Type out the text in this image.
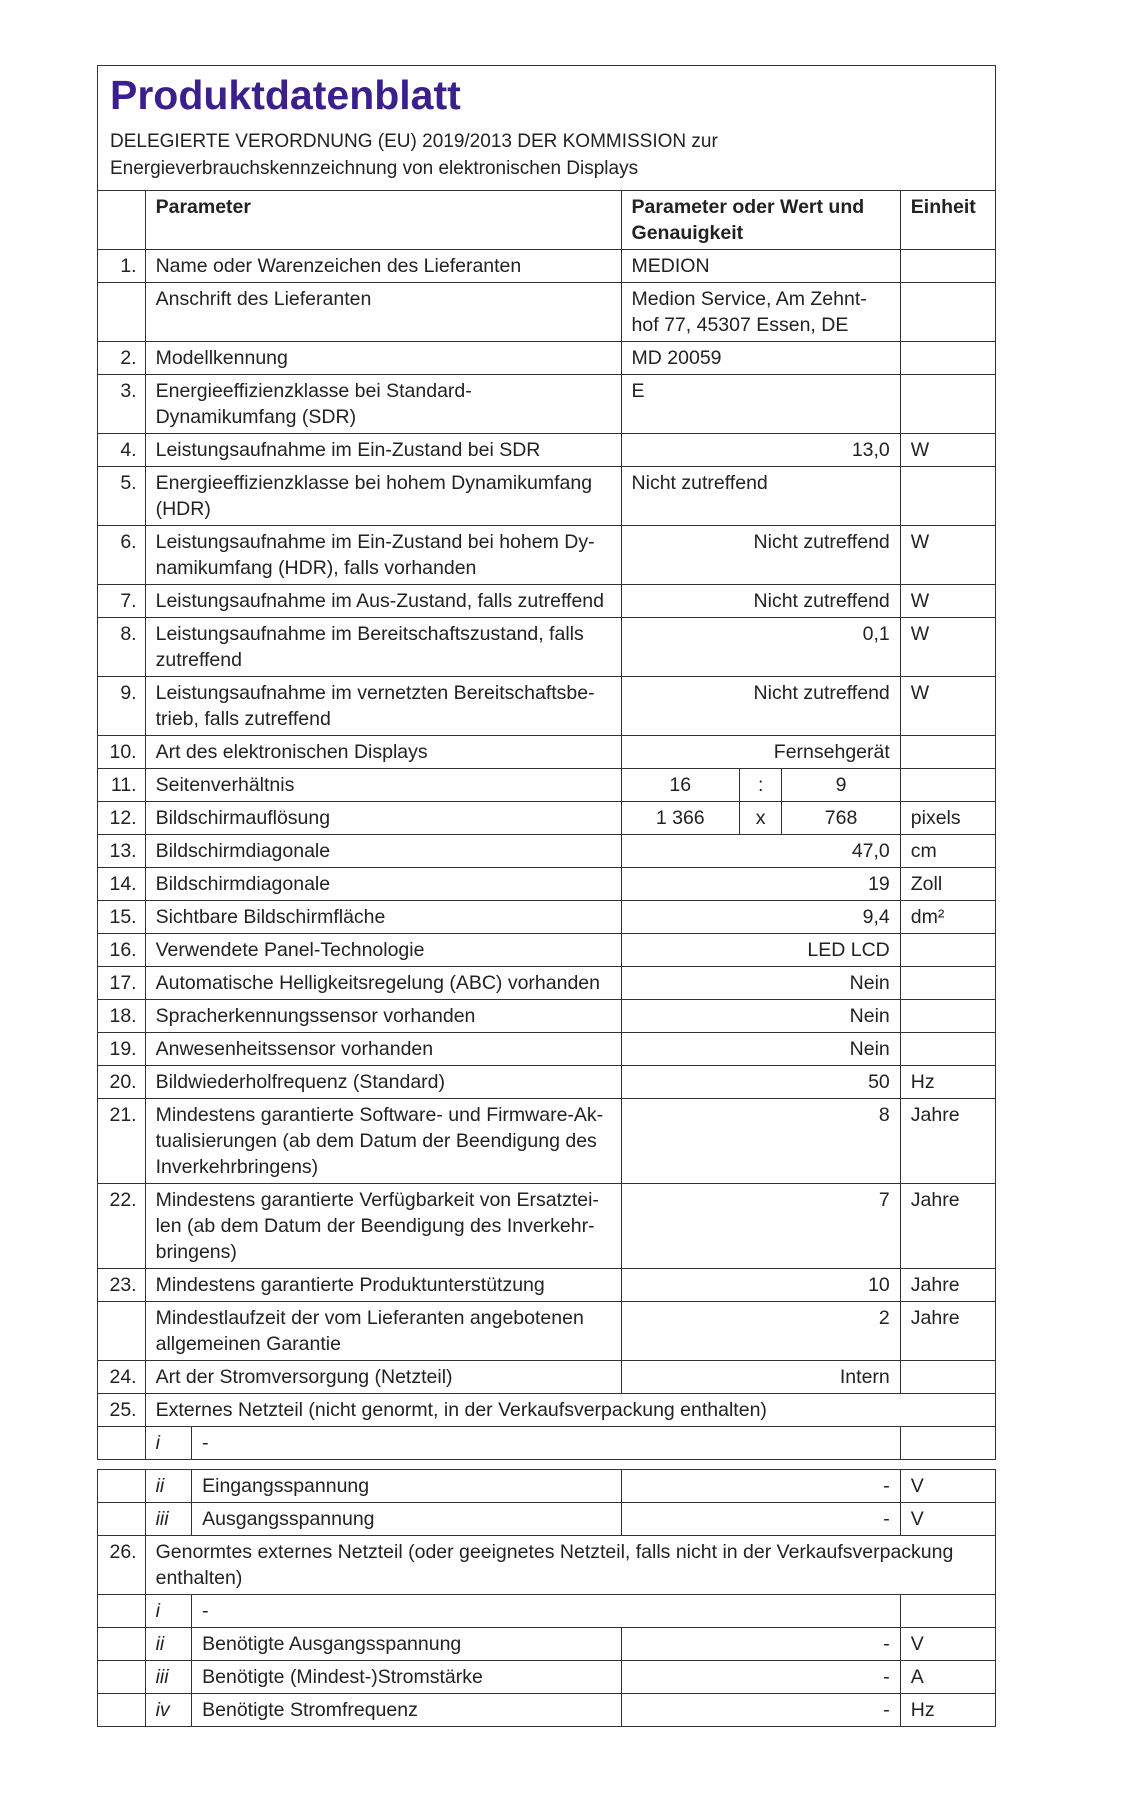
Produktdatenblatt
DELEGIERTE VERORDNUNG (EU) 2019/2013 DER KOMMISSION zur
Energieverbrauchskennzeichnung von elektronischen Displays
	Parameter		Parameter oder Wert und Genauigkeit			Einheit
1.	Name oder Warenzeichen des Lieferanten		MEDION			
	Anschrift des Lieferanten		Medion Service, Am Zehnt-hof 77, 45307 Essen, DE			
2.	Modellkennung		MD 20059			
3.	Energieeffizienzklasse bei Standard-Dynamikumfang (SDR)		E			
4.	Leistungsaufnahme im Ein-Zustand bei SDR		13,0			W
5.	Energieeffizienzklasse bei hohem Dynamikumfang (HDR)		Nicht zutreffend			
6.	Leistungsaufnahme im Ein-Zustand bei hohem Dy-namikumfang (HDR), falls vorhanden		Nicht zutreffend			W
7.	Leistungsaufnahme im Aus-Zustand, falls zutreffend		Nicht zutreffend			W
8.	Leistungsaufnahme im Bereitschaftszustand, falls zutreffend		0,1			W
9.	Leistungsaufnahme im vernetzten Bereitschaftsbe-trieb, falls zutreffend		Nicht zutreffend			W
10.	Art des elektronischen Displays		Fernsehgerät			
11.	Seitenverhältnis		16	:	9	
12.	Bildschirmauflösung		1 366	x	768	pixels
13.	Bildschirmdiagonale		47,0			cm
14.	Bildschirmdiagonale		19			Zoll
15.	Sichtbare Bildschirmfläche		9,4			dm²
16.	Verwendete Panel-Technologie		LED LCD			
17.	Automatische Helligkeitsregelung (ABC) vorhanden		Nein			
18.	Spracherkennungssensor vorhanden		Nein			
19.	Anwesenheitssensor vorhanden		Nein			
20.	Bildwiederholfrequenz (Standard)		50			Hz
21.	Mindestens garantierte Software- und Firmware-Ak-tualisierungen (ab dem Datum der Beendigung des Inverkehrbringens)		8			Jahre
22.	Mindestens garantierte Verfügbarkeit von Ersatztei-len (ab dem Datum der Beendigung des Inverkehr-bringens)		7			Jahre
23.	Mindestens garantierte Produktunterstützung		10			Jahre
	Mindestlaufzeit der vom Lieferanten angebotenen allgemeinen Garantie		2			Jahre
24.	Art der Stromversorgung (Netzteil)		Intern			
25.	Externes Netzteil (nicht genormt, in der Verkaufsverpackung enthalten)					
	i	-				

	ii	Eingangsspannung	-			V
	iii	Ausgangsspannung	-			V
26.	Genormtes externes Netzteil (oder geeignetes Netzteil, falls nicht in der Verkaufsverpackung enthalten)					
	i	-				
	ii	Benötigte Ausgangsspannung	-			V
	iii	Benötigte (Mindest-)Stromstärke	-			A
	iv	Benötigte Stromfrequenz	-			Hz
